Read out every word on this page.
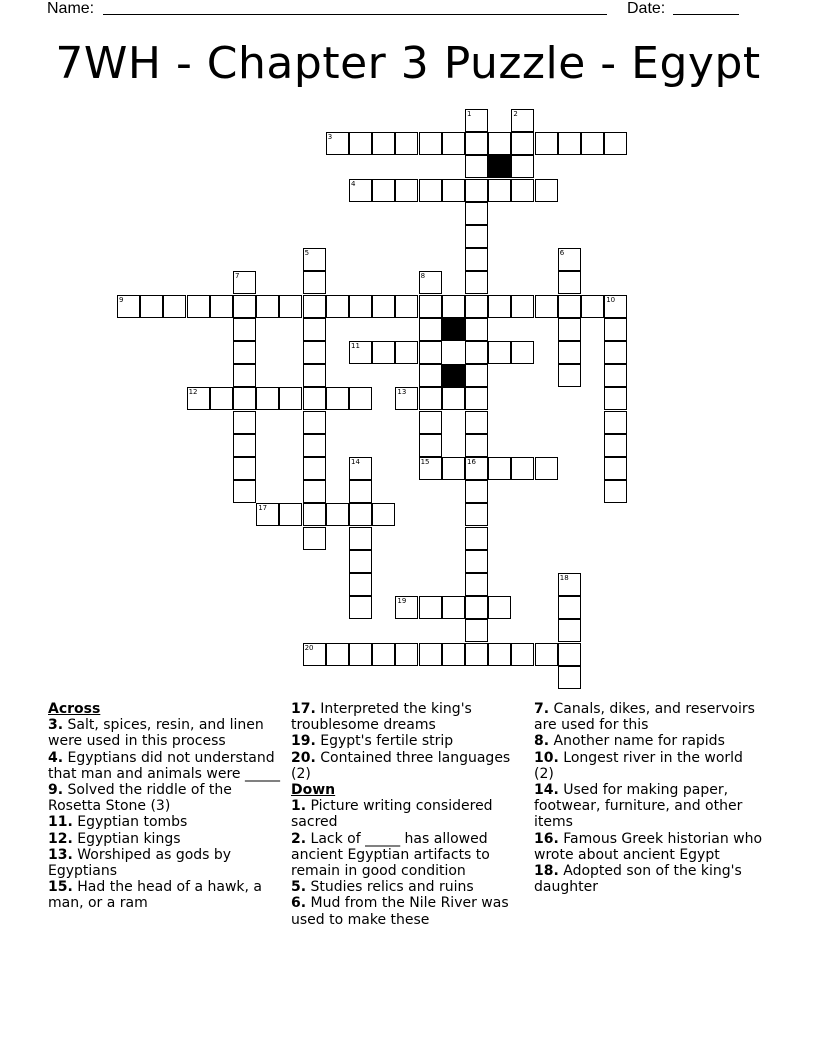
Name:	Date:
7WH - Chapter 3 Puzzle - Egypt
3
4
9	10
11
12	13
15	16
17
19
20
1	2
5	6
7	8
14
18
Across
3. Salt, spices, resin, and linen were used in this process
4. Egyptians did not understand that man and animals were _____
9. Solved the riddle of the Rosetta Stone (3)
11. Egyptian tombs
12. Egyptian kings
13. Worshiped as gods by Egyptians
15. Had the head of a hawk, a man, or a ram
17. Interpreted the king's troublesome dreams
19. Egypt's fertile strip
20. Contained three languages (2)
Down
1. Picture writing considered sacred
2. Lack of _____ has allowed ancient Egyptian artifacts to remain in good condition
5. Studies relics and ruins
6. Mud from the Nile River was used to make these
7. Canals, dikes, and reservoirs are used for this
8. Another name for rapids
10. Longest river in the world (2)
14. Used for making paper, footwear, furniture, and other items
16. Famous Greek historian who wrote about ancient Egypt
18. Adopted son of the king's daughter
